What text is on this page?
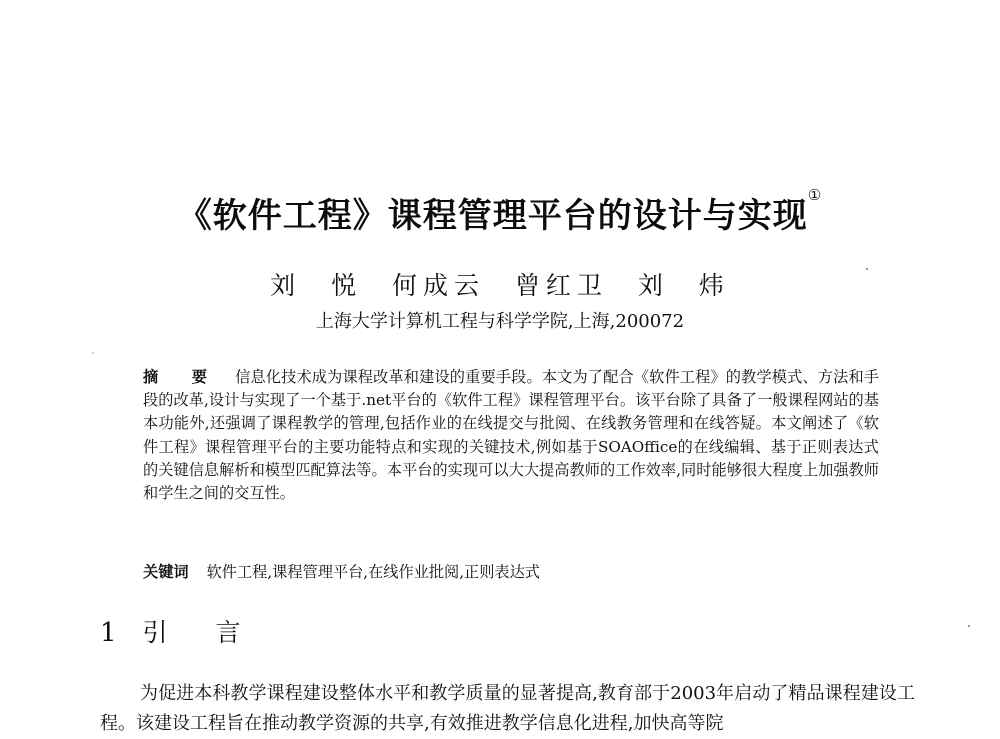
《软件工程》课程管理平台的设计与实现①
刘 悦 何成云 曾红卫 刘 炜
上海大学计算机工程与科学学院,上海,200072
摘 要 信息化技术成为课程改革和建设的重要手段。本文为了配合《软件工程》的教学模式、方法和手段的改革,设计与实现了一个基于.net平台的《软件工程》课程管理平台。该平台除了具备了一般课程网站的基本功能外,还强调了课程教学的管理,包括作业的在线提交与批阅、在线教务管理和在线答疑。本文阐述了《软件工程》课程管理平台的主要功能特点和实现的关键技术,例如基于SOAOffice的在线编辑、基于正则表达式的关键信息解析和模型匹配算法等。本平台的实现可以大大提高教师的工作效率,同时能够很大程度上加强教师和学生之间的交互性。
关键词 软件工程,课程管理平台,在线作业批阅,正则表达式
1 引 言
为促进本科教学课程建设整体水平和教学质量的显著提高,教育部于2003年启动了精品课程建设工程。该建设工程旨在推动教学资源的共享,有效推进教学信息化进程,加快高等院
